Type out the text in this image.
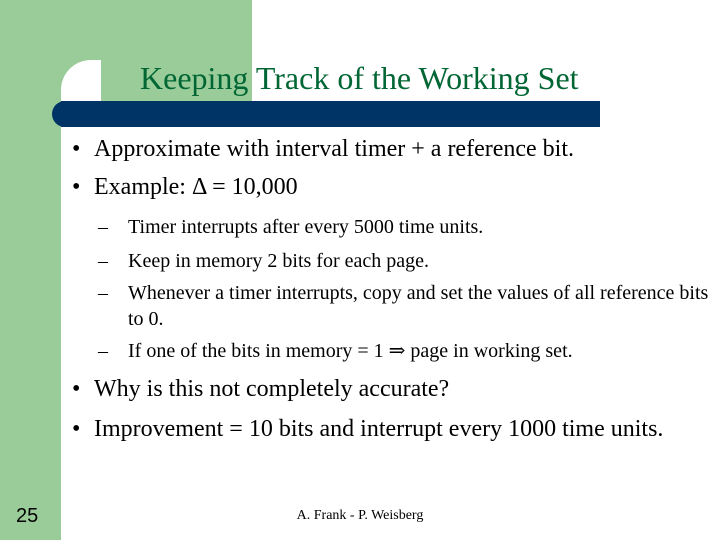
Keeping Track of the Working Set
• Approximate with interval timer + a reference bit.
• Example: Δ = 10,000
–	Timer interrupts after every 5000 time units.
–	Keep in memory 2 bits for each page.
–	Whenever a timer interrupts, copy and set the values of all reference bits to 0.
–	If one of the bits in memory = 1 ⇒ page in working set.
• Why is this not completely accurate?
• Improvement = 10 bits and interrupt every 1000 time units.
25	A. Frank - P. Weisberg
